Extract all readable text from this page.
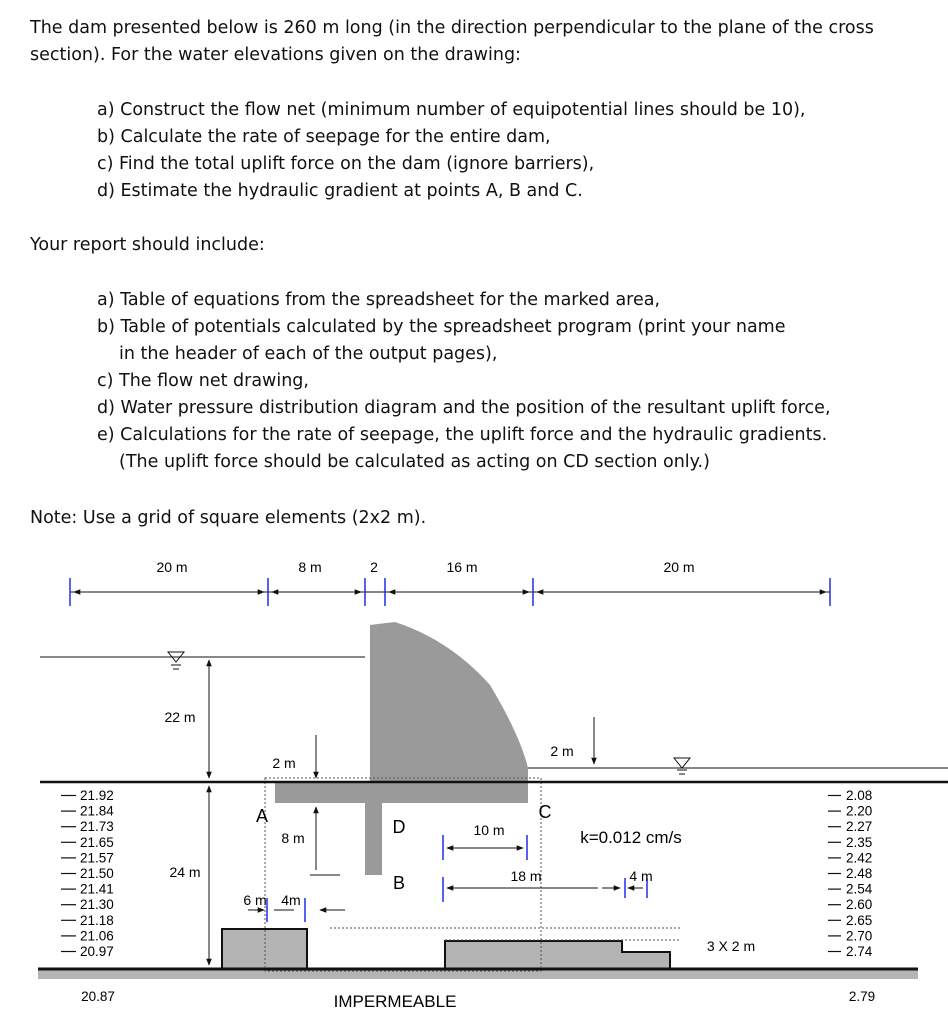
The dam presented below is 260 m long (in the direction perpendicular to the plane of the cross
section). For the water elevations given on the drawing:
a) Construct the flow net (minimum number of equipotential lines should be 10),
b) Calculate the rate of seepage for the entire dam,
c) Find the total uplift force on the dam (ignore barriers),
d) Estimate the hydraulic gradient at points A, B and C.
Your report should include:
a) Table of equations from the spreadsheet for the marked area,
b) Table of potentials calculated by the spreadsheet program (print your name
in the header of each of the output pages),
c) The flow net drawing,
d) Water pressure distribution diagram and the position of the resultant uplift force,
e) Calculations for the rate of seepage, the uplift force and the hydraulic gradients.
(The uplift force should be calculated as acting on CD section only.)
Note: Use a grid of square elements (2x2 m).
20 m	8 m	2	16 m	20 m
22 m
24 m
2 m
2 m
8 m	10 m
18 m
6 m 4m
4 m
3 X 2 m
A
D
B
C
k=0.012 cm/s
IMPERMEABLE
21.92
21.84
21.73
21.65
21.57
21.50
21.41
21.30
21.18
21.06
20.97
20.87
2.08
2.20
2.27
2.35
2.42
2.48
2.54
2.60
2.65
2.70
2.74
2.79
